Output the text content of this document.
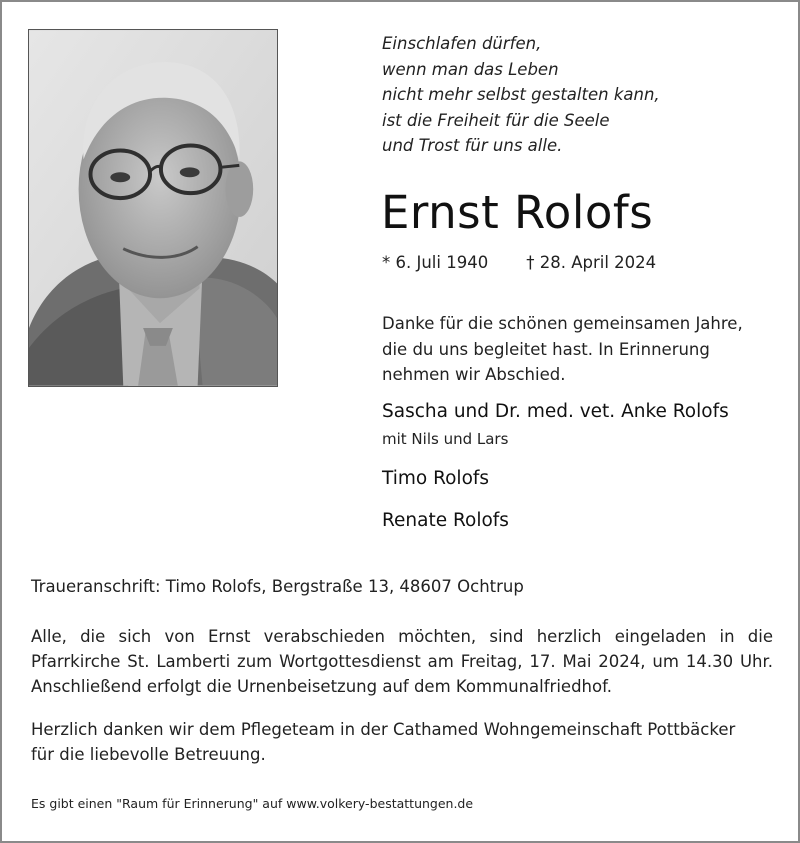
Einschlafen dürfen,
wenn man das Leben
nicht mehr selbst gestalten kann,
ist die Freiheit für die Seele
und Trost für uns alle.
Ernst Rolofs
* 6. Juli 1940 † 28. April 2024
Danke für die schönen gemeinsamen Jahre,
die du uns begleitet hast. In Erinnerung
nehmen wir Abschied.
Sascha und Dr. med. vet. Anke Rolofs
mit Nils und Lars
Timo Rolofs
Renate Rolofs
Traueranschrift: Timo Rolofs, Bergstraße 13, 48607 Ochtrup
Alle, die sich von Ernst verabschieden möchten, sind herzlich eingeladen in die
Pfarrkirche St. Lamberti zum Wortgottesdienst am Freitag, 17. Mai 2024, um 14.30 Uhr.
Anschließend erfolgt die Urnenbeisetzung auf dem Kommunalfriedhof.
Herzlich danken wir dem Pflegeteam in der Cathamed Wohngemeinschaft Pottbäcker
für die liebevolle Betreuung.
Es gibt einen "Raum für Erinnerung" auf www.volkery-bestattungen.de
